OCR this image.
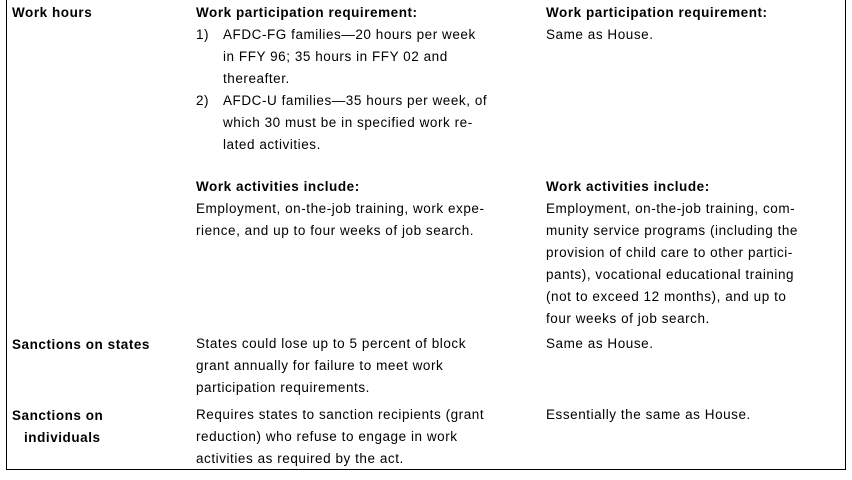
Work hours	Work participation requirement:
1) AFDC-FG families—20 hours per week
in FFY 96; 35 hours in FFY 02 and
thereafter.
2) AFDC-U families—35 hours per week, of
which 30 must be in specified work re-
lated activities.
Work participation requirement:
Same as House.
Work activities include:
Employment, on-the-job training, work expe-
rience, and up to four weeks of job search.
Work activities include:
Employment, on-the-job training, com-
munity service programs (including the
provision of child care to other partici-
pants), vocational educational training
(not to exceed 12 months), and up to
four weeks of job search.
Sanctions on states	States could lose up to 5 percent of block
grant annually for failure to meet work
participation requirements.
Same as House.
Sanctions on
individuals
Requires states to sanction recipients (grant
reduction) who refuse to engage in work
activities as required by the act.
Essentially the same as House.
